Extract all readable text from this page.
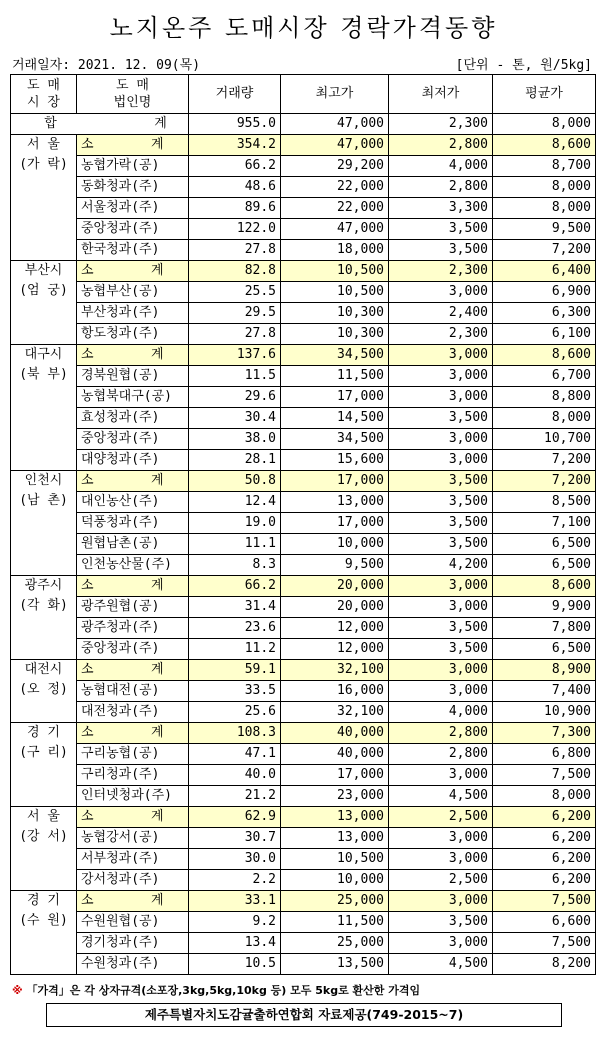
노지온주 도매시장 경락가격동향
거래일자: 2021. 12. 09(목)	[단위 - 톤, 원/5kg]
도 매
시 장	도 매
법인명	거래량	최고가	최저가	평균가
합 계		955.0	47,000	2,300	8,000

서 울
(가 락)	소 계	354.2	47,000	2,800	8,600
	농협가락(공)	66.2	29,200	4,000	8,700
	동화청과(주)	48.6	22,000	2,800	8,000
	서울청과(주)	89.6	22,000	3,300	8,000
	중앙청과(주)	122.0	47,000	3,500	9,500
	한국청과(주)	27.8	18,000	3,500	7,200

부산시
(엄 궁)	소 계	82.8	10,500	2,300	6,400
	농협부산(공)	25.5	10,500	3,000	6,900
	부산청과(주)	29.5	10,300	2,400	6,300
	항도청과(주)	27.8	10,300	2,300	6,100

대구시
(북 부)	소 계	137.6	34,500	3,000	8,600
	경북원협(공)	11.5	11,500	3,000	6,700
	농협북대구(공)	29.6	17,000	3,000	8,800
	효성청과(주)	30.4	14,500	3,500	8,000
	중앙청과(주)	38.0	34,500	3,000	10,700
	대양청과(주)	28.1	15,600	3,000	7,200

인천시
(남 촌)	소 계	50.8	17,000	3,500	7,200
	대인농산(주)	12.4	13,000	3,500	8,500
	덕풍청과(주)	19.0	17,000	3,500	7,100
	원협남촌(공)	11.1	10,000	3,500	6,500
	인천농산물(주)	8.3	9,500	4,200	6,500

광주시
(각 화)	소 계	66.2	20,000	3,000	8,600
	광주원협(공)	31.4	20,000	3,000	9,900
	광주청과(주)	23.6	12,000	3,500	7,800
	중앙청과(주)	11.2	12,000	3,500	6,500

대전시
(오 정)	소 계	59.1	32,100	3,000	8,900
	농협대전(공)	33.5	16,000	3,000	7,400
	대전청과(주)	25.6	32,100	4,000	10,900

경 기
(구 리)	소 계	108.3	40,000	2,800	7,300
	구리농협(공)	47.1	40,000	2,800	6,800
	구리청과(주)	40.0	17,000	3,000	7,500
	인터넷청과(주)	21.2	23,000	4,500	8,000

서 울
(강 서)	소 계	62.9	13,000	2,500	6,200
	농협강서(공)	30.7	13,000	3,000	6,200
	서부청과(주)	30.0	10,500	3,000	6,200
	강서청과(주)	2.2	10,000	2,500	6,200

경 기
(수 원)	소 계	33.1	25,000	3,000	7,500
	수원원협(공)	9.2	11,500	3,500	6,600
	경기청과(주)	13.4	25,000	3,000	7,500
	수원청과(주)	10.5	13,500	4,500	8,200
※ 「가격」은 각 상자규격(소포장,3kg,5kg,10kg 등) 모두 5kg로 환산한 가격임
제주특별자치도감귤출하연합회 자료제공(749-2015~7)
